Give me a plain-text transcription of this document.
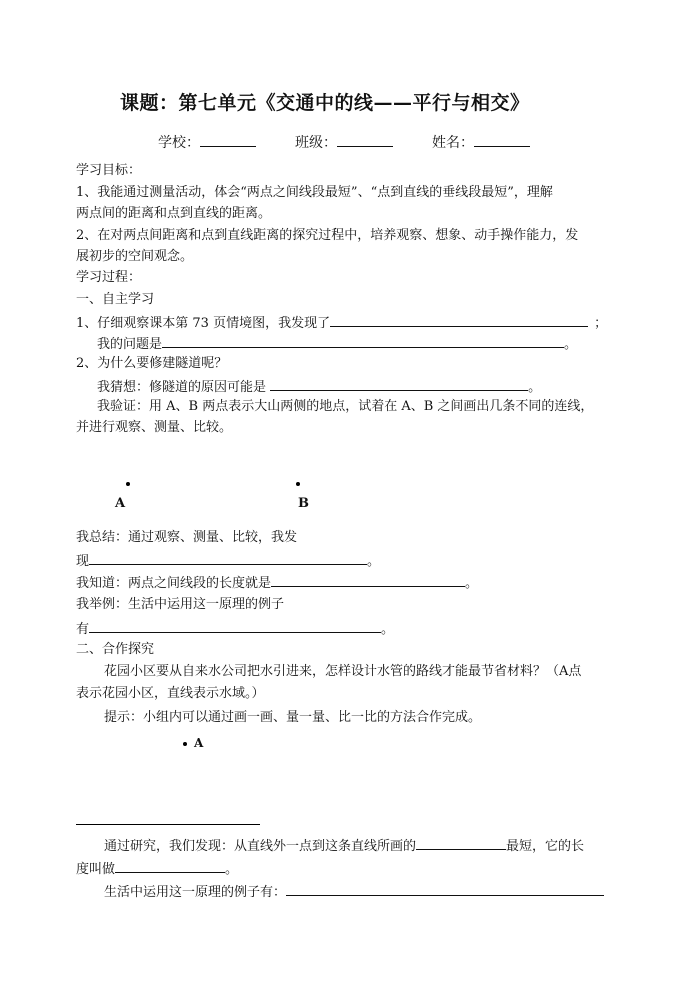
课题：第七单元《交通中的线——平行与相交》
学校：	班级：	姓名：
学习目标：
1、我能通过测量活动，体会“两点之间线段最短”、“点到直线的垂线段最短”，理解
两点间的距离和点到直线的距离。
2、在对两点间距离和点到直线距离的探究过程中，培养观察、想象、动手操作能力，发
展初步的空间观念。
学习过程：
一、自主学习
1、仔细观察课本第 73 页情境图，我发现了	；
我的问题是	。
2、为什么要修建隧道呢？
我猜想：修隧道的原因可能是	。
我验证：用 A、B 两点表示大山两侧的地点，试着在 A、B 之间画出几条不同的连线，
并进行观察、测量、比较。
A	B
我总结：通过观察、测量、比较，我发
现	。
我知道：两点之间线段的长度就是	。
我举例：生活中运用这一原理的例子
有	。
二、合作探究
花园小区要从自来水公司把水引进来，怎样设计水管的路线才能最节省材料？（A点
表示花园小区，直线表示水域。）
提示：小组内可以通过画一画、量一量、比一比的方法合作完成。
A
通过研究，我们发现：从直线外一点到这条直线所画的	最短，它的长
度叫做	。
生活中运用这一原理的例子有：
